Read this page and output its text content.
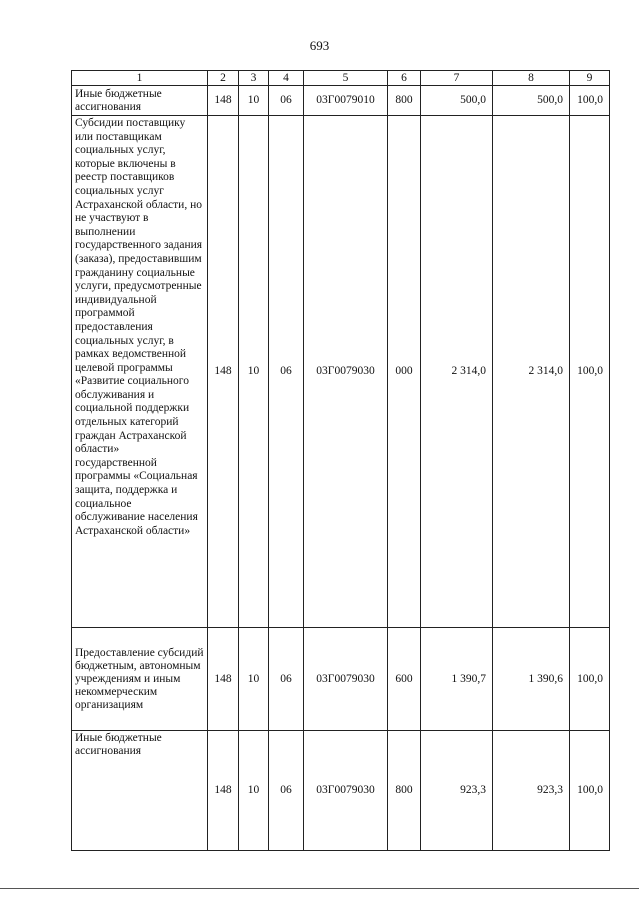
693
1	2	3	4	5	6	7	8	9
Иные бюджетные ассигнования	148	10	06	03Г0079010	800	500,0	500,0	100,0
Субсидии поставщику или поставщикам социальных услуг, которые включены в реестр поставщиков социальных услуг Астраханской области, но не участвуют в выполнении государственного задания (заказа), предоставившим гражданину социальные услуги, предусмотренные индивидуальной программой предоставления социальных услуг, в рамках ведомственной целевой программы «Развитие социального обслуживания и социальной поддержки отдельных категорий граждан Астраханской области» государственной программы «Социальная защита, поддержка и социальное обслуживание населения Астраханской области»	148	10	06	03Г0079030	000	2 314,0	2 314,0	100,0
Предоставление субсидий бюджетным, автономным учреждениям и иным некоммерческим организациям	148	10	06	03Г0079030	600	1 390,7	1 390,6	100,0
Иные бюджетные ассигнования	148	10	06	03Г0079030	800	923,3	923,3	100,0
